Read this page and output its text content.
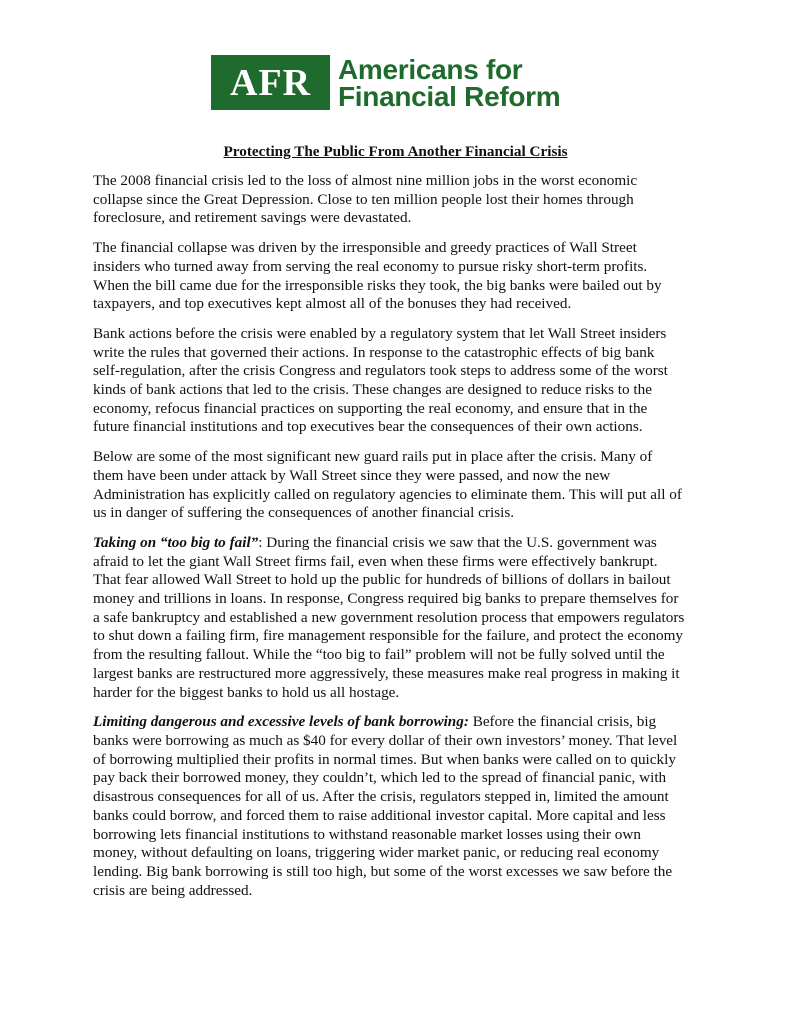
AFR Americans for
Financial Reform
Protecting The Public From Another Financial Crisis
The 2008 financial crisis led to the loss of almost nine million jobs in the worst economic
collapse since the Great Depression. Close to ten million people lost their homes through
foreclosure, and retirement savings were devastated.
The financial collapse was driven by the irresponsible and greedy practices of Wall Street
insiders who turned away from serving the real economy to pursue risky short-term profits.
When the bill came due for the irresponsible risks they took, the big banks were bailed out by
taxpayers, and top executives kept almost all of the bonuses they had received.
Bank actions before the crisis were enabled by a regulatory system that let Wall Street insiders
write the rules that governed their actions. In response to the catastrophic effects of big bank
self-regulation, after the crisis Congress and regulators took steps to address some of the worst
kinds of bank actions that led to the crisis. These changes are designed to reduce risks to the
economy, refocus financial practices on supporting the real economy, and ensure that in the
future financial institutions and top executives bear the consequences of their own actions.
Below are some of the most significant new guard rails put in place after the crisis. Many of
them have been under attack by Wall Street since they were passed, and now the new
Administration has explicitly called on regulatory agencies to eliminate them. This will put all of
us in danger of suffering the consequences of another financial crisis.
Taking on “too big to fail”: During the financial crisis we saw that the U.S. government was
afraid to let the giant Wall Street firms fail, even when these firms were effectively bankrupt.
That fear allowed Wall Street to hold up the public for hundreds of billions of dollars in bailout
money and trillions in loans. In response, Congress required big banks to prepare themselves for
a safe bankruptcy and established a new government resolution process that empowers regulators
to shut down a failing firm, fire management responsible for the failure, and protect the economy
from the resulting fallout. While the “too big to fail” problem will not be fully solved until the
largest banks are restructured more aggressively, these measures make real progress in making it
harder for the biggest banks to hold us all hostage.
Limiting dangerous and excessive levels of bank borrowing: Before the financial crisis, big
banks were borrowing as much as $40 for every dollar of their own investors’ money. That level
of borrowing multiplied their profits in normal times. But when banks were called on to quickly
pay back their borrowed money, they couldn’t, which led to the spread of financial panic, with
disastrous consequences for all of us. After the crisis, regulators stepped in, limited the amount
banks could borrow, and forced them to raise additional investor capital. More capital and less
borrowing lets financial institutions to withstand reasonable market losses using their own
money, without defaulting on loans, triggering wider market panic, or reducing real economy
lending. Big bank borrowing is still too high, but some of the worst excesses we saw before the
crisis are being addressed.
